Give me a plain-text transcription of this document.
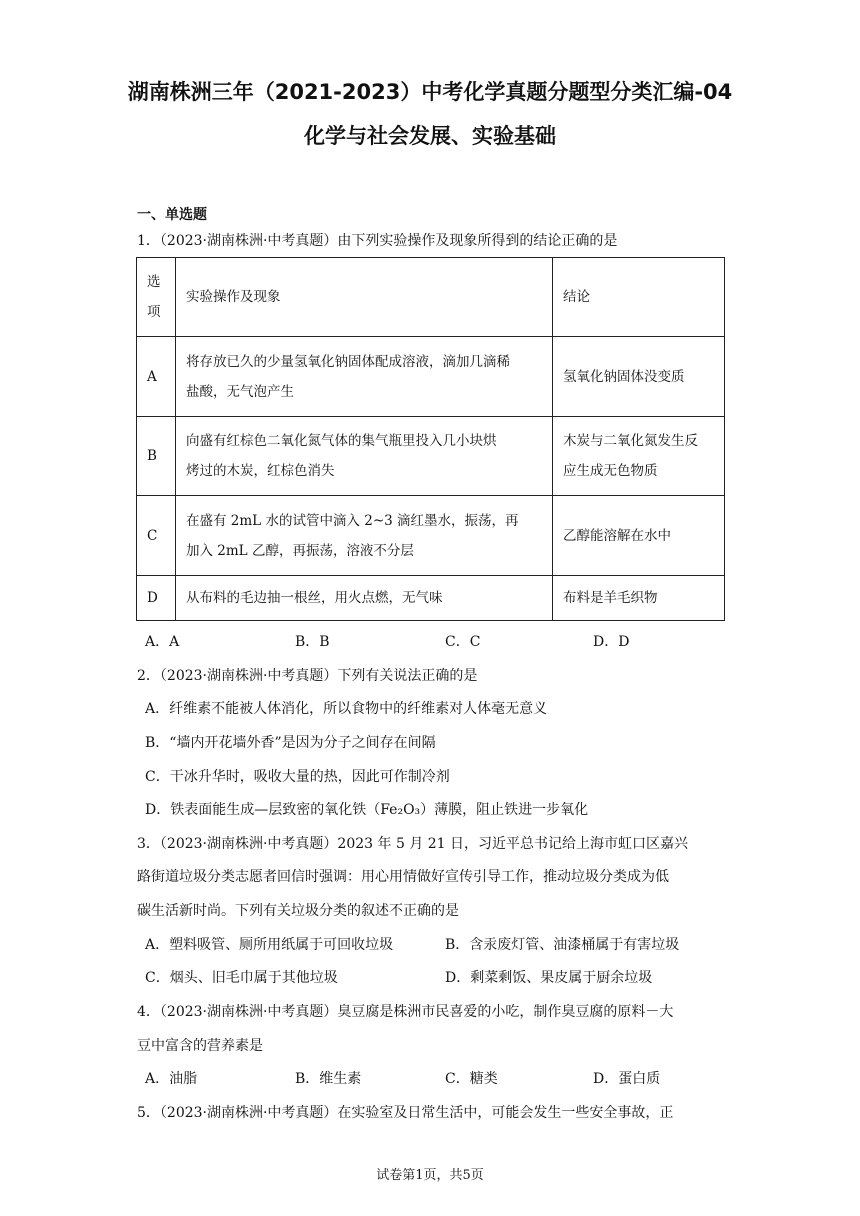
湖南株洲三年（2021-2023）中考化学真题分题型分类汇编-04
化学与社会发展、实验基础
一、单选题
1．（2023·湖南株洲·中考真题）由下列实验操作及现象所得到的结论正确的是
选
项	实验操作及现象	结论
A	将存放已久的少量氢氧化钠固体配成溶液，滴加几滴稀
盐酸，无气泡产生	氢氧化钠固体没变质
B	向盛有红棕色二氧化氮气体的集气瓶里投入几小块烘
烤过的木炭，红棕色消失	木炭与二氧化氮发生反
应生成无色物质
C	在盛有 2mL 水的试管中滴入 2~3 滴红墨水，振荡，再
加入 2mL 乙醇，再振荡，溶液不分层	乙醇能溶解在水中
D	从布料的毛边抽一根丝，用火点燃，无气味	布料是羊毛织物
A．A	B．B	C．C	D．D
2．（2023·湖南株洲·中考真题）下列有关说法正确的是
A．纤维素不能被人体消化，所以食物中的纤维素对人体毫无意义
B．“墙内开花墙外香”是因为分子之间存在间隔
C．干冰升华时，吸收大量的热，因此可作制冷剂
D．铁表面能生成—层致密的氧化铁（Fe₂O₃）薄膜，阻止铁进一步氧化
3．（2023·湖南株洲·中考真题）2023 年 5 月 21 日，习近平总书记给上海市虹口区嘉兴
路街道垃圾分类志愿者回信时强调：用心用情做好宣传引导工作，推动垃圾分类成为低
碳生活新时尚。下列有关垃圾分类的叙述不正确的是
A．塑料吸管、厕所用纸属于可回收垃圾	B．含汞废灯管、油漆桶属于有害垃圾
C．烟头、旧毛巾属于其他垃圾	D．剩菜剩饭、果皮属于厨余垃圾
4．（2023·湖南株洲·中考真题）臭豆腐是株洲市民喜爱的小吃，制作臭豆腐的原料－大
豆中富含的营养素是
A．油脂	B．维生素	C．糖类	D．蛋白质
5．（2023·湖南株洲·中考真题）在实验室及日常生活中，可能会发生一些安全事故，正
试卷第1页，共5页
